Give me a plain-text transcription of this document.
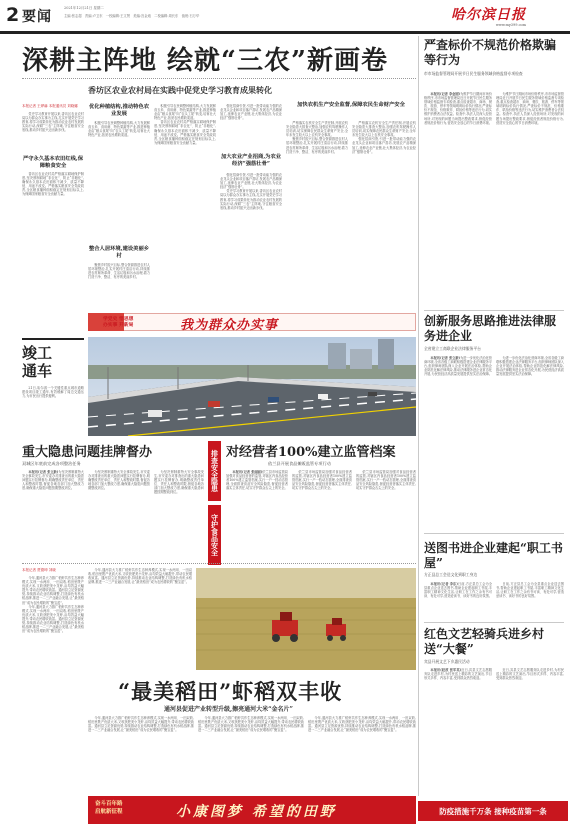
2 要闻
2021年12月21日 星期二
主编:张志超　责编:卢卫东　一校编辑:王文贤　美编:宫金迪　二校编辑:周长东　值班:石万华	哈尔滨日报
www.my399.com
深耕主阵地 绘就“三农”新画卷
香坊区农业农村局在实践中促党史学习教育成果转化
本报记者 王烨赫 本报通讯员 刘晓娜

党史学习教育开展以来,香坊区农业农村局以为群众办实事为主线,扎实开展党史学习教育,将学习成果转化为推动农业农村发展的实际行动,深耕“三农”主阵地,守住粮食安全底线,推动乡村振兴迈出新步伐。

严守永久基本农田红线,保障粮食安全

香坊区农业农村局严格落实耕地保护制度,坚决遏制耕地“非农化”、防止“非粮化”,确保永久基本农田面积不减少、质量不降低、用途不改变。严格落实粮食安全党政同责,全区粮食播种面积稳定在规划目标以上,为保障国家粮食安全贡献力量。

优化种植结构,推动特色农业发展

积极引导农民调整种植结构,大力发展鲜食玉米、食用菌、特色果蔬等产业,推进种植业由“粮头食尾”向“农头工尾”转变,培育壮大特色产业,拓宽农民增收渠道。

整合人居环境,建设美丽乡村

聚焦乡村振兴目标,整合资源推进农村人居环境整治,扎实开展村庄清洁行动,持续推进农村厕所革命、生活垃圾和污水治理,着力打造干净、整洁、有序的美丽乡村。

积极引导农民调整种植结构,大力发展鲜食玉米、食用菌、特色果蔬等产业,推进种植业由“粮头食尾”向“农头工尾”转变,培育壮大特色产业,拓宽农民增收渠道。

香坊区农业农村局严格落实耕地保护制度,坚决遏制耕地“非农化”、防止“非粮化”,确保永久基本农田面积不减少、质量不降低、用途不改变。严格落实粮食安全党政同责,全区粮食播种面积稳定在规划目标以上,为保障国家粮食安全贡献力量。

强化招商引资,引进一批带动能力强的农业龙头企业和项目落户香坊,发展农产品精深加工,延伸农业产业链,壮大集体经济,为农业经济“强筋壮骨”。

加大农业产业招商,为农业经济“强筋壮骨”

强化招商引资,引进一批带动能力强的农业龙头企业和项目落户香坊,发展农产品精深加工,延伸农业产业链,壮大集体经济,为农业经济“强筋壮骨”。

党史学习教育开展以来,香坊区农业农村局以为群众办实事为主线,扎实开展党史学习教育,将学习成果转化为推动农业农村发展的实际行动,深耕“三农”主阵地,守住粮食安全底线,推动乡村振兴迈出新步伐。

加快农机生产安全监督,保障农民生命财产安全

严格落实农机安全生产责任制,开展农机安全隐患大排查大整治,加强农机驾驶操作人员培训,切实保障农民群众生命财产安全,全年未发生较大以上农机安全事故。

聚焦乡村振兴目标,整合资源推进农村人居环境整治,扎实开展村庄清洁行动,持续推进农村厕所革命、生活垃圾和污水治理,着力打造干净、整洁、有序的美丽乡村。

严格落实农机安全生产责任制,开展农机安全隐患大排查大整治,加强农机驾驶操作人员培训,切实保障农民群众生命财产安全,全年未发生较大以上农机安全事故。

强化招商引资,引进一批带动能力强的农业龙头企业和项目落户香坊,发展农产品精深加工,延伸农业产业链,壮大集体经济,为农业经济“强筋壮骨”。

严查标价不规范价格欺骗等行为
市市场监督管理局开展节日民生服务领域价格监督专项检查

本报讯(记者 李金刚)为维护节日期间市场价格秩序,市市场监督管理局近日开展节日民生服务领域价格监督专项检查,重点检查超市、商场、餐饮、旅游、停车等领域明码标价执行情况,严查标价不规范、价格欺诈、哄抬价格等违法行为,切实维护消费者合法权益。检查中,执法人员深入经营场所,对发现的问题当场提出整改要求,督促经营者规范价格行为,营造安全放心的节日消费环境。

为维护节日期间市场价格秩序,市市场监督管理局近日开展节日民生服务领域价格监督专项检查,重点检查超市、商场、餐饮、旅游、停车等领域明码标价执行情况,严查标价不规范、价格欺诈、哄抬价格等违法行为,切实维护消费者合法权益。检查中,执法人员深入经营场所,对发现的问题当场提出整改要求,督促经营者规范价格行为,营造安全放心的节日消费环境。

创新服务思路推进法律服务进企业
全省建立工商联企业法律服务平台

本报讯(记者 张立新)为进一步优化法治化营商环境,全省各级工商联积极搭建企业法律服务平台,组织律师团队深入企业开展法治体检,帮助企业防范化解法律风险,推动法律服务进企业常态化开展,为民营经济高质量发展提供坚实法治保障。

为进一步优化法治化营商环境,全省各级工商联积极搭建企业法律服务平台,组织律师团队深入企业开展法治体检,帮助企业防范化解法律风险,推动法律服务进企业常态化开展,为民营经济高质量发展提供坚实法治保障。

送图书进企业建起“职工书屋”
方正县总工会送文化到职工身边

本报讯(记者 李东)日前,方正县总工会为全县重点企业送去图书,帮助企业建起职工书屋,丰富职工精神文化生活,让职工在工作之余有书可读、有处可学,营造爱读书、读好书的良好氛围。

日前,方正县总工会为全县重点企业送去图书,帮助企业建起职工书屋,丰富职工精神文化生活,让职工在工作之余有书可读、有处可学,营造爱读书、读好书的良好氛围。

红色文艺轻骑兵进乡村送“大餐”
宾县开展文艺下乡惠民活动

本报讯(赵波 张军英)近日,宾县文艺志愿服务队走进乡村,为村民送上精彩的文艺演出,节目形式多样、内容丰富,受到群众热烈欢迎。

近日,宾县文艺志愿服务队走进乡村,为村民送上精彩的文艺演出,节目形式多样、内容丰富,受到群众热烈欢迎。

学党史 悟思想
办实事 开新局	我为群众办实事
竣工通车

21日,哈尔滨一个关键性重点城市道路建设项目竣工通车,有效缓解了周边交通压力,为市民出行提供便利。

重大隐患问题挂牌督办
双城区年底前完成各项整治任务

本报讯(记者 张立新)为坚决遏制重特大安全事故发生,市安委办对排查出的重大隐患问题实行挂牌督办,明确整改责任单位、责任人和整改时限,督促各地各部门加大整改力度,确保重大隐患问题按期整改到位。

为坚决遏制重特大安全事故发生,市安委办对排查出的重大隐患问题实行挂牌督办,明确整改责任单位、责任人和整改时限,督促各地各部门加大整改力度,确保重大隐患问题按期整改到位。

为坚决遏制重特大安全事故发生,市安委办对排查出的重大隐患问题实行挂牌督办,明确整改责任单位、责任人和整改时限,督促各地各部门加大整改力度,确保重大隐患问题按期整改到位。

排查安全隐患
守护食品安全
对经营者100%建立监管档案
依兰县开展食品摊贩监管专项行动

本报讯(记者 张丽丽)依兰县市场监管局加强对食品经营者的监管,对辖区内食品经营者100%建立监管档案,实行一户一档动态管理,全面排查食品安全风险隐患,督促经营者落实主体责任,切实守护群众舌尖上的安全。

依兰县市场监管局加强对食品经营者的监管,对辖区内食品经营者100%建立监管档案,实行一户一档动态管理,全面排查食品安全风险隐患,督促经营者落实主体责任,切实守护群众舌尖上的安全。

依兰县市场监管局加强对食品经营者的监管,对辖区内食品经营者100%建立监管档案,实行一户一档动态管理,全面排查食品安全风险隐患,督促经营者落实主体责任,切实守护群众舌尖上的安全。

本报记者 贾德坤 刘晓

今年,通河县大力推广稻虾共作生态种养模式,实现一水两用、一田双收,稻田里既产优质大米,又收获肥美小龙虾,亩均效益大幅提升,带动农民增收致富。通河县立足资源优势,持续推动农业结构调整,打造绿色有机水稻品牌,推进一二三产业融合发展,让“最美稻田”成为农民增收的“聚宝盆”。

今年,通河县大力推广稻虾共作生态种养模式,实现一水两用、一田双收,稻田里既产优质大米,又收获肥美小龙虾,亩均效益大幅提升,带动农民增收致富。通河县立足资源优势,持续推动农业结构调整,打造绿色有机水稻品牌,推进一二三产业融合发展,让“最美稻田”成为农民增收的“聚宝盆”。

今年,通河县大力推广稻虾共作生态种养模式,实现一水两用、一田双收,稻田里既产优质大米,又收获肥美小龙虾,亩均效益大幅提升,带动农民增收致富。通河县立足资源优势,持续推动农业结构调整,打造绿色有机水稻品牌,推进一二三产业融合发展,让“最美稻田”成为农民增收的“聚宝盆”。

“最美稻田”虾稻双丰收
通河县促进产业转型升级,擦亮通河大米“金名片”

今年,通河县大力推广稻虾共作生态种养模式,实现一水两用、一田双收,稻田里既产优质大米,又收获肥美小龙虾,亩均效益大幅提升,带动农民增收致富。通河县立足资源优势,持续推动农业结构调整,打造绿色有机水稻品牌,推进一二三产业融合发展,让“最美稻田”成为农民增收的“聚宝盆”。

今年,通河县大力推广稻虾共作生态种养模式,实现一水两用、一田双收,稻田里既产优质大米,又收获肥美小龙虾,亩均效益大幅提升,带动农民增收致富。通河县立足资源优势,持续推动农业结构调整,打造绿色有机水稻品牌,推进一二三产业融合发展,让“最美稻田”成为农民增收的“聚宝盆”。

今年,通河县大力推广稻虾共作生态种养模式,实现一水两用、一田双收,稻田里既产优质大米,又收获肥美小龙虾,亩均效益大幅提升,带动农民增收致富。通河县立足资源优势,持续推动农业结构调整,打造绿色有机水稻品牌,推进一二三产业融合发展,让“最美稻田”成为农民增收的“聚宝盆”。

奋斗百年路
启航新征程	小康图梦 希望的田野	防疫措施千万条 接种疫苗第一条
